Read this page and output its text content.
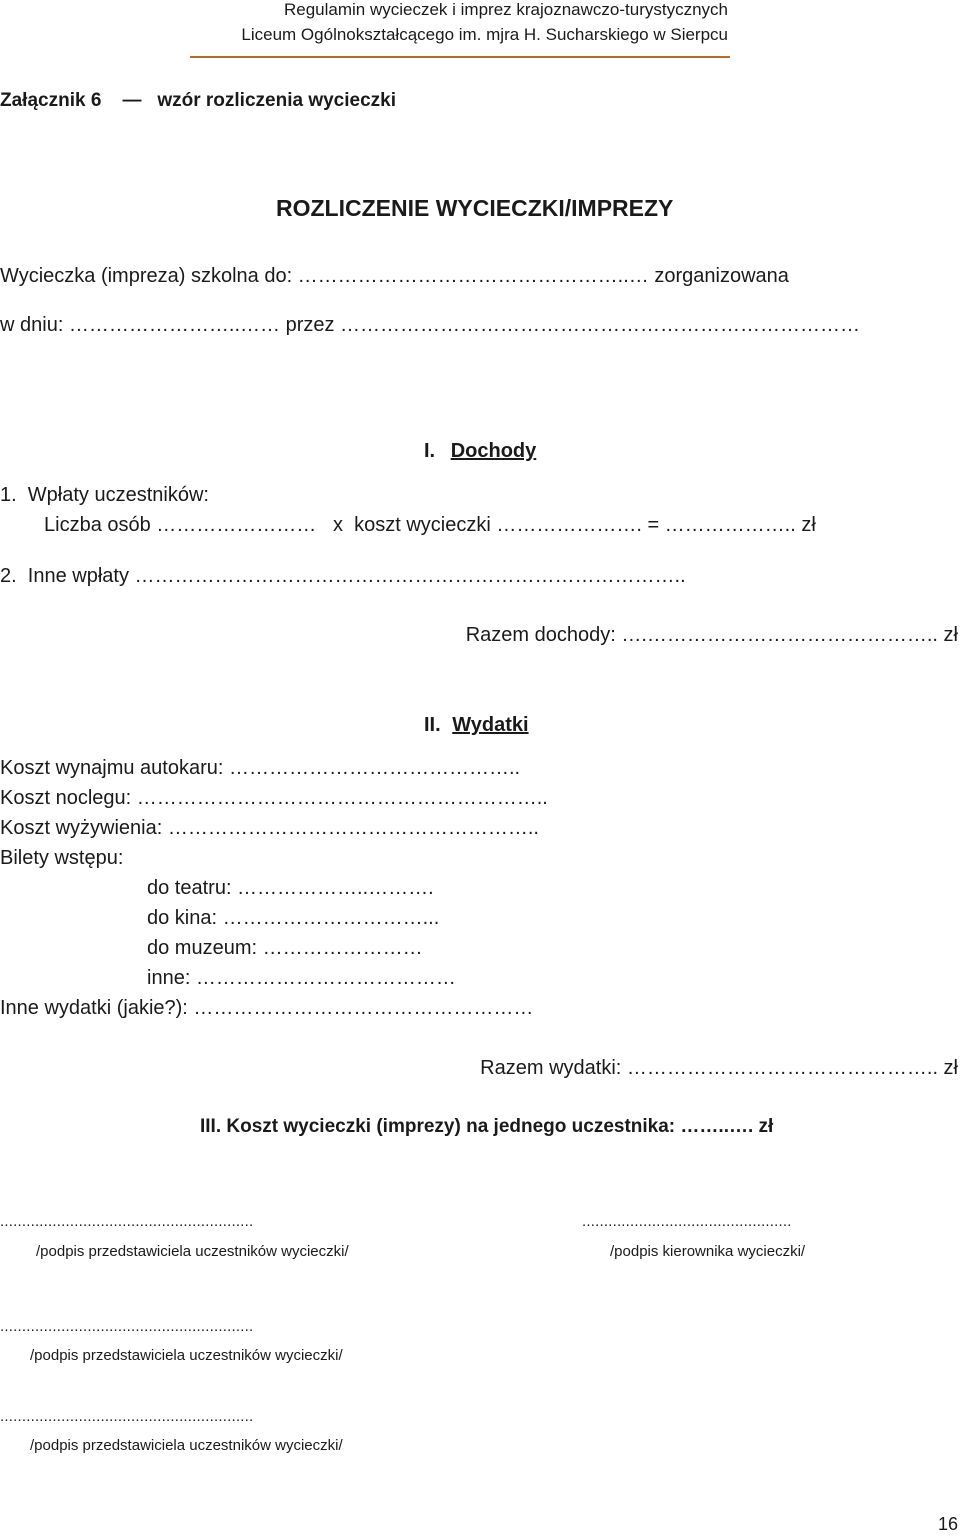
Regulamin wycieczek i imprez krajoznawczo-turystycznych
Liceum Ogólnokształcącego im. mjra H. Sucharskiego w Sierpcu
Załącznik 6    —   wzór rozliczenia wycieczki
ROZLICZENIE WYCIECZKI/IMPREZY
Wycieczka (impreza) szkolna do: …………………………………………..… zorganizowana
w dniu: ……………………..…… przez ……………………………………………………………………
I. Dochody
1.  Wpłaty uczestników:
Liczba osób ……………………   x  koszt wycieczki …………………. = ……………….. zł
2.  Inne wpłaty ………………………………………………………………………..
Razem dochody: ….…………………………………….. zł
II. Wydatki
Koszt wynajmu autokaru: ……………………………………..
Koszt noclegu: ……………………………………………………..
Koszt wyżywienia: ………………………………………………..
Bilety wstępu:
do teatru: ………………..……….
do kina: …………………………...
do muzeum: ……………………
inne: …………………………………
Inne wydatki (jakie?): ……………………………………………
Razem wydatki: ……………………………………….. zł
III. Koszt wycieczki (imprezy) na jednego uczestnika: ……..…. zł
..........................................................	................................................
/podpis przedstawiciela uczestników wycieczki/	/podpis kierownika wycieczki/
..........................................................
/podpis przedstawiciela uczestników wycieczki/
..........................................................
/podpis przedstawiciela uczestników wycieczki/
16
